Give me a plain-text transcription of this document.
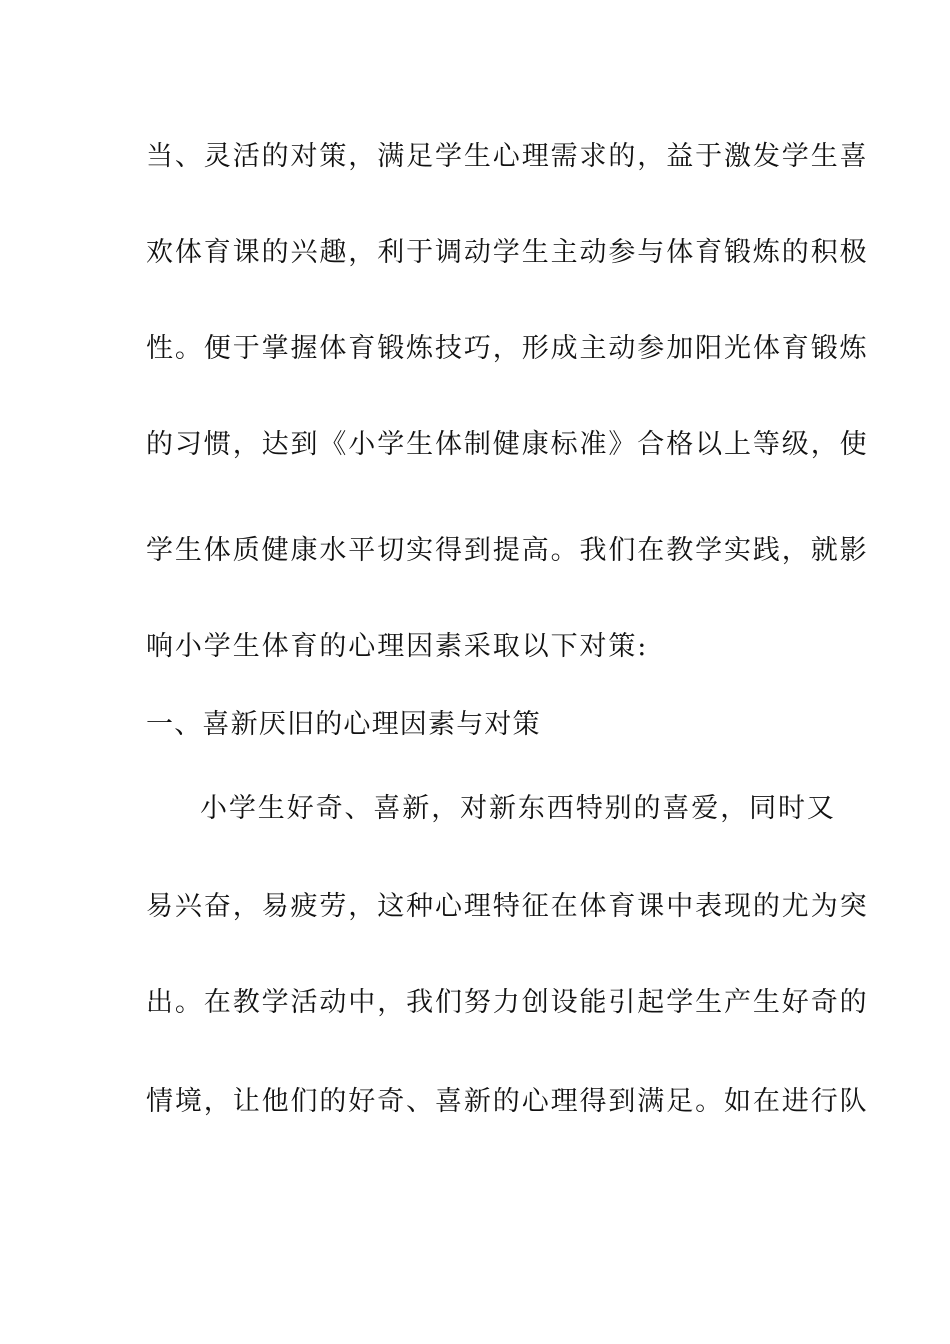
当、灵活的对策，满足学生心理需求的，益于激发学生喜
欢体育课的兴趣，利于调动学生主动参与体育锻炼的积极
性。便于掌握体育锻炼技巧，形成主动参加阳光体育锻炼
的习惯，达到《小学生体制健康标准》合格以上等级，使
学生体质健康水平切实得到提高。我们在教学实践，就影
响小学生体育的心理因素采取以下对策:
一、喜新厌旧的心理因素与对策
小学生好奇、喜新，对新东西特别的喜爱，同时又
易兴奋，易疲劳，这种心理特征在体育课中表现的尤为突
出。在教学活动中，我们努力创设能引起学生产生好奇的
情境，让他们的好奇、喜新的心理得到满足。如在进行队
